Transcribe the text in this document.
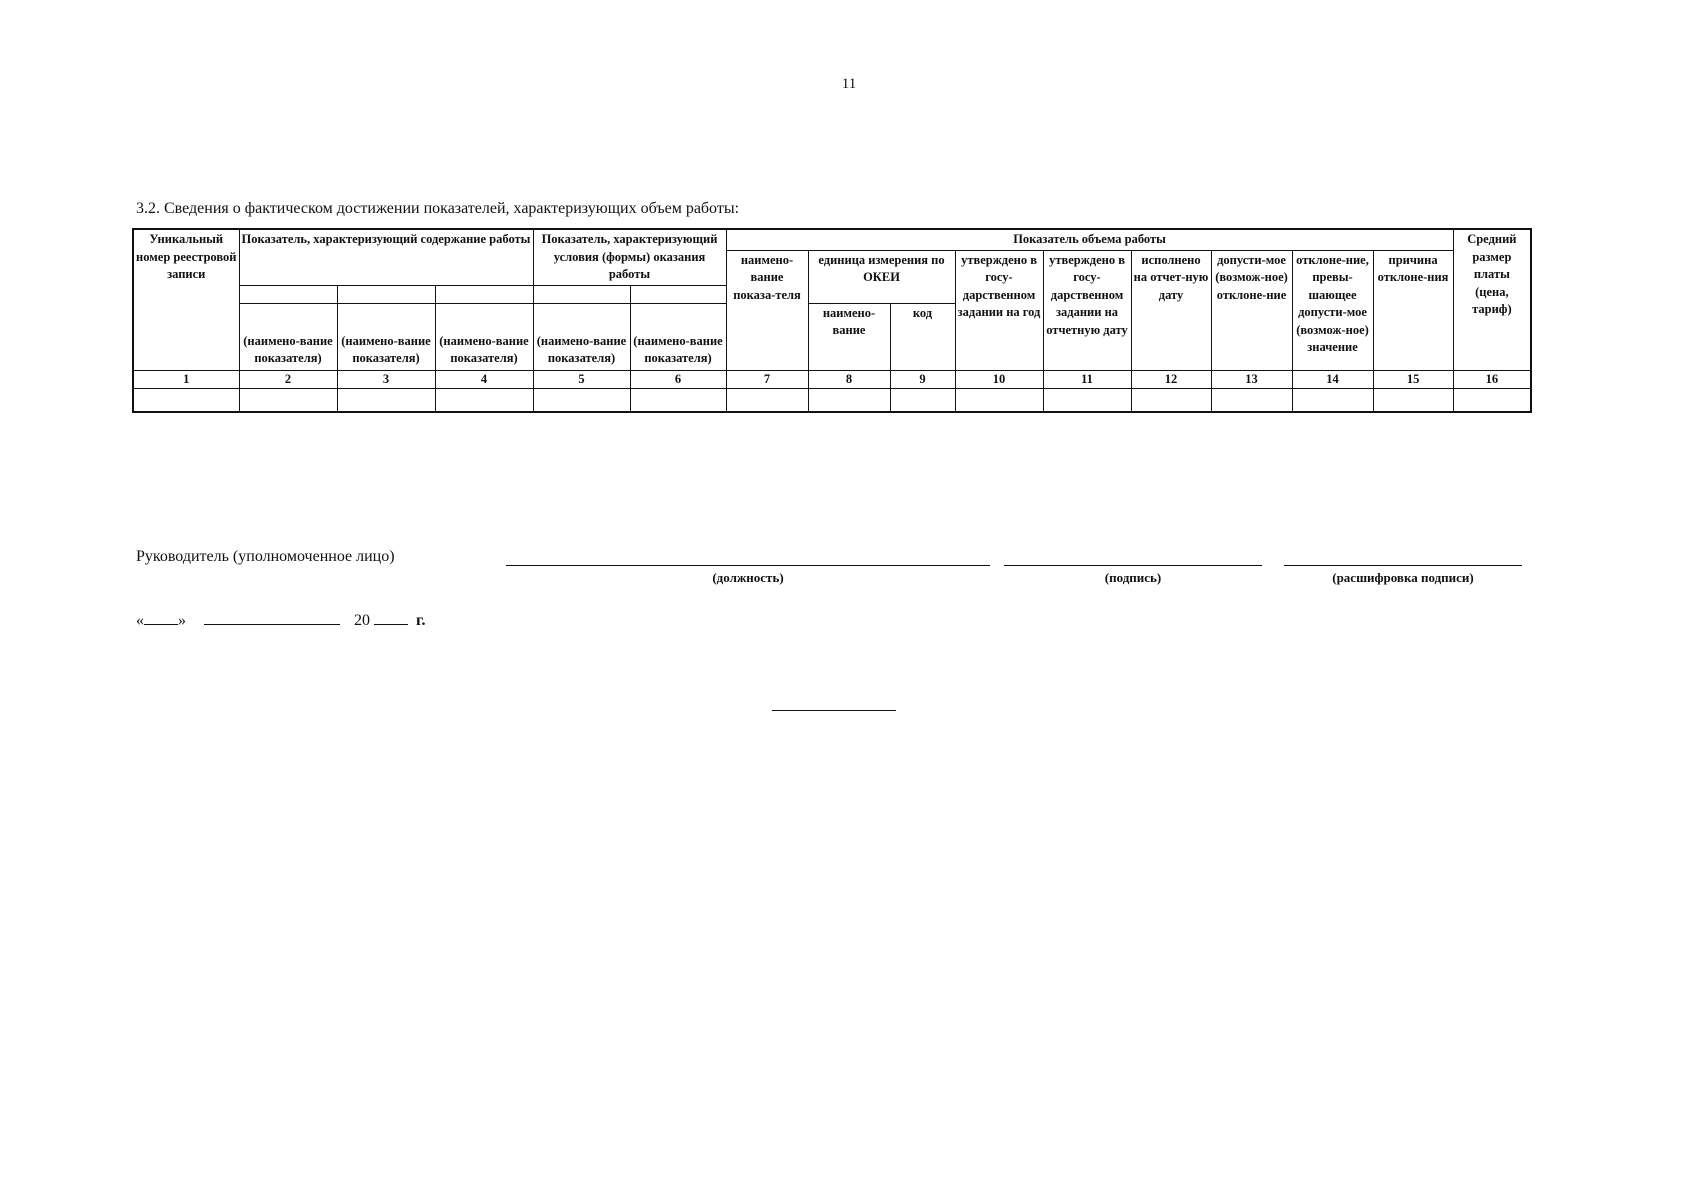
11
3.2. Сведения о фактическом достижении показателей, характеризующих объем работы:
Уникальный номер реестровой записи	Показатель, характеризующий содержание работы			Показатель, характеризующий условия (формы) оказания работы		Показатель объема работы									Средний размер платы (цена, тариф)
						наимено-вание показа-теля	единица измерения по ОКЕИ		утверждено в госу-дарственном задании на год	утверждено в госу-дарственном задании на отчетную дату	исполнено на отчет-ную дату	допусти-мое (возмож-ное) отклоне-ние	отклоне-ние, превы-шающее допусти-мое (возмож-ное) значение	причина отклоне-ния	

	(наимено-вание показателя)	(наимено-вание показателя)	(наимено-вание показателя)	(наимено-вание показателя)	(наимено-вание показателя)		наимено-вание	код							
1	2	3	4	5	6	7	8	9	10	11	12	13	14	15	16

Руководитель (уполномоченное лицо)
(должность)	(подпись)	(расшифровка подписи)
« »	20	г.
